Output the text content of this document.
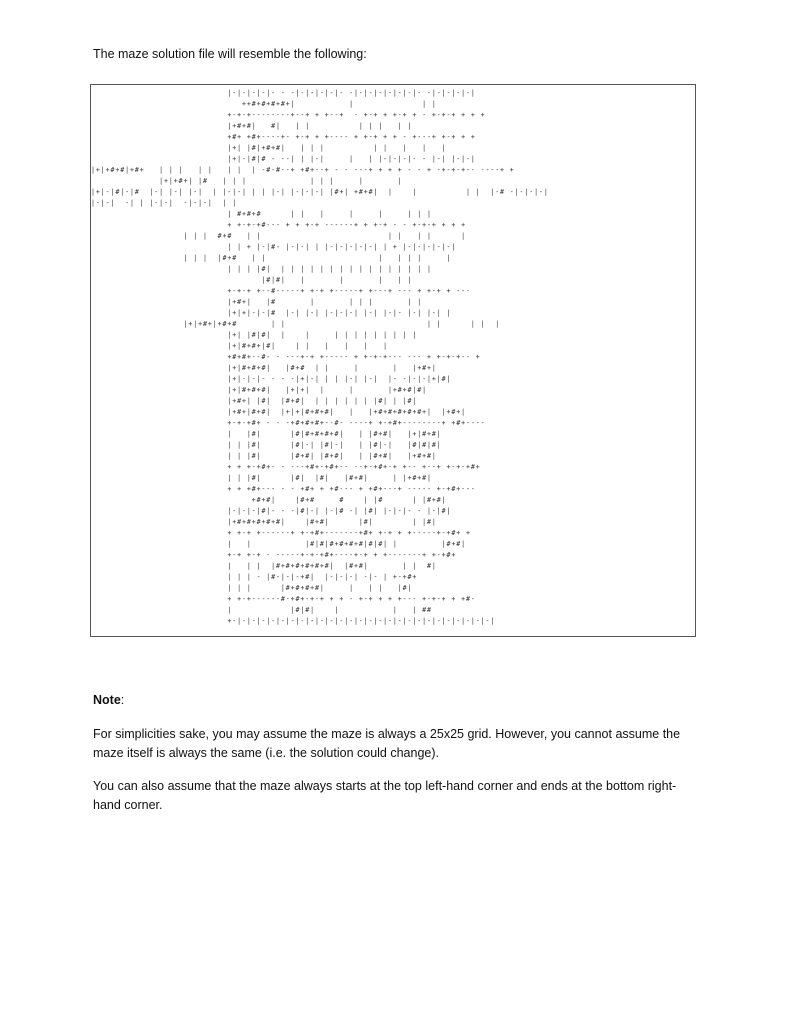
The maze solution file will resemble the following:

|-|-|-|-|- - -|-|-|-|-|- -|-|-|-|-|-|-|- -|-|-|-|-|
++#+#+#+#+|           |              | |
+-+-+--------+--+ + +--+  - +-+ + +-+ + - +-+-+ + + +
|+#+#|   #|   | |          | | |   | |
+#+ +#+----+- +-+ + +---- + +-+ + + - +---+ +-+ + +
|+| |#|+#+#|   | | |          | |   |   |   |
|+|-|#|# - --| | |-|     |   | |-|-|-|- - |-| |-|-|
|+|+#+#|+#+   | | |   | |   | |  | -#-#--+ +#+--+ - - ---+ + + + - - + -+-+-+-- ----+ +
|+|+#+| |#   | | |             | | |     |       |
|+|-|#|-|#  |-| |-| |-|  | |-|-| | | |-| |-|-|-| |#+| +#+#|  |    |          | |  |-# -|-|-|-|
|-|-|  -| | |-|-|  -|-|-|  | |
| #+#+#      | |   |     |     |     | | |
+ +-+-+#--- + + +-+ ------+ + +-+ - - +-+-+ + + +
| | |  #+#   | |                          | |   | |      |
| | + |-|#- |-|-| | |-|-|-|-|-| | + |-|-|-|-|-|
| | |  |#+#   | |                       |   | | |     |
| | | |#|  | | | | | | | | | | | | | | | |
|#|#|   |       |       |   | |
+-+-+ +--#-----+ +-+ +-----+ +---+ --- + +-+ + ---
|+#+|   |#       |       | | |       | |
|+|+|-|-|#  |-| |-| |-|-|-| |-| |-|- |-| |-| |
|+|+#+|+#+#       | |                             | |      | |  |
|+| |#|#|  |    |     | | | | | | | | |
|+|#+#+|#|    | |   |   |   |   |
+#+#+--#- - ---+-+ +----- + +-+-+--- --- + +-+-+-- +
|+|#+#+#|   |#+#  | |     |       |   |+#+|
|+|-|-|- - - -|+|-| | | |-| |-|  |- -|-|-|+|#|
|+|#+#+#|   |+|+|  |     |       |+#+#|#|
|+#+| |#|  |#+#|  | | | | | | |#| | |#|
|+#+|#+#|  |+|+|#+#+#|   |   |+#+#+#+#+#+|  |+#+|
+-+-+#+ - - -+#+#+#+--#- ----+ +-+#+--------+ +#+----
|   |#|      |#|#+#+#+#|   | |#+#|   |+|#+#|
| | |#|      |#|-| |#|-|   | |#|-|   |#|#|#|
| | |#|      |#+#| |#+#|   | |#+#|   |+#+#|
+ + +-+#+- - ---+#+-+#+-- --+-+#+-+ +-- +--+ +-+-+#+
| | |#|      |#|  |#|   |#+#|     | |+#+#|
+ + +#+--- - - +#+ + +#--- + +#+---+ ----- +-+#+---
+#+#|    |#+#     #    | |#      | |#+#|
|-|-|-|#|- - -|#|-| |-|# -| |#| |-|-|- - |-|#|
|+#+#+#+#+#|    |#+#|      |#|        | |#|
+ +-+ +------+ +-+#+-------+#+ +-+ + +-----+-+#+ +
|   |           |#|#|#+#+#+#|#|#| |         |#+#|
+-+ +-+ - -----+-+-+#+----+-+ + +-------+ +-+#+
|   | |  |#+#+#+#+#+#|  |#+#|       | |  #|
| | | - |#-|-|-+#|  |-|-|-| -|- | +-+#+
| | |      |#+#+#+#|     |   | |   |#|
+ +-+------#-+#+-+-+ + + - +-+ + + +--- +-+-+ + +#-
|            |#|#|    |           |   | ##
+-|-|-|-|-|-|-|-|-|-|-|-|-|-|-|-|-|-|-|-|-|-|-|-|-|-|-|

Note:

For simplicities sake, you may assume the maze is always a 25x25 grid. However, you cannot assume the maze itself is always the same (i.e. the solution could change).

You can also assume that the maze always starts at the top left-hand corner and ends at the bottom right-hand corner.
